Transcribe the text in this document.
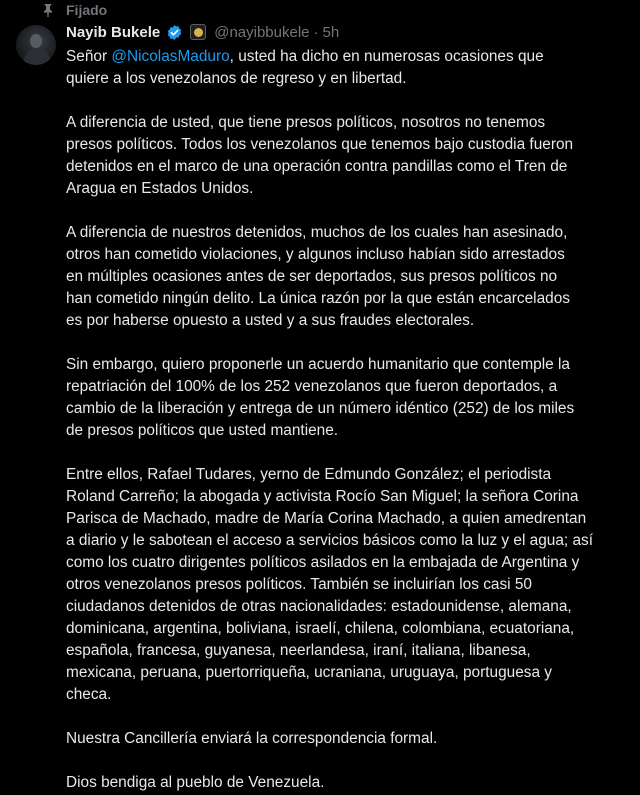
Fijado
Nayib Bukele	@nayibbukele · 5h

Señor @NicolasMaduro, usted ha dicho en numerosas ocasiones que
quiere a los venezolanos de regreso y en libertad.

A diferencia de usted, que tiene presos políticos, nosotros no tenemos
presos políticos. Todos los venezolanos que tenemos bajo custodia fueron
detenidos en el marco de una operación contra pandillas como el Tren de
Aragua en Estados Unidos.

A diferencia de nuestros detenidos, muchos de los cuales han asesinado,
otros han cometido violaciones, y algunos incluso habían sido arrestados
en múltiples ocasiones antes de ser deportados, sus presos políticos no
han cometido ningún delito. La única razón por la que están encarcelados
es por haberse opuesto a usted y a sus fraudes electorales.

Sin embargo, quiero proponerle un acuerdo humanitario que contemple la
repatriación del 100% de los 252 venezolanos que fueron deportados, a
cambio de la liberación y entrega de un número idéntico (252) de los miles
de presos políticos que usted mantiene.

Entre ellos, Rafael Tudares, yerno de Edmundo González; el periodista
Roland Carreño; la abogada y activista Rocío San Miguel; la señora Corina
Parisca de Machado, madre de María Corina Machado, a quien amedrentan
a diario y le sabotean el acceso a servicios básicos como la luz y el agua; así
como los cuatro dirigentes políticos asilados en la embajada de Argentina y
otros venezolanos presos políticos. También se incluirían los casi 50
ciudadanos detenidos de otras nacionalidades: estadounidense, alemana,
dominicana, argentina, boliviana, israelí, chilena, colombiana, ecuatoriana,
española, francesa, guyanesa, neerlandesa, iraní, italiana, libanesa,
mexicana, peruana, puertorriqueña, ucraniana, uruguaya, portuguesa y
checа.

Nuestra Cancillería enviará la correspondencia formal.

Dios bendiga al pueblo de Venezuela.
